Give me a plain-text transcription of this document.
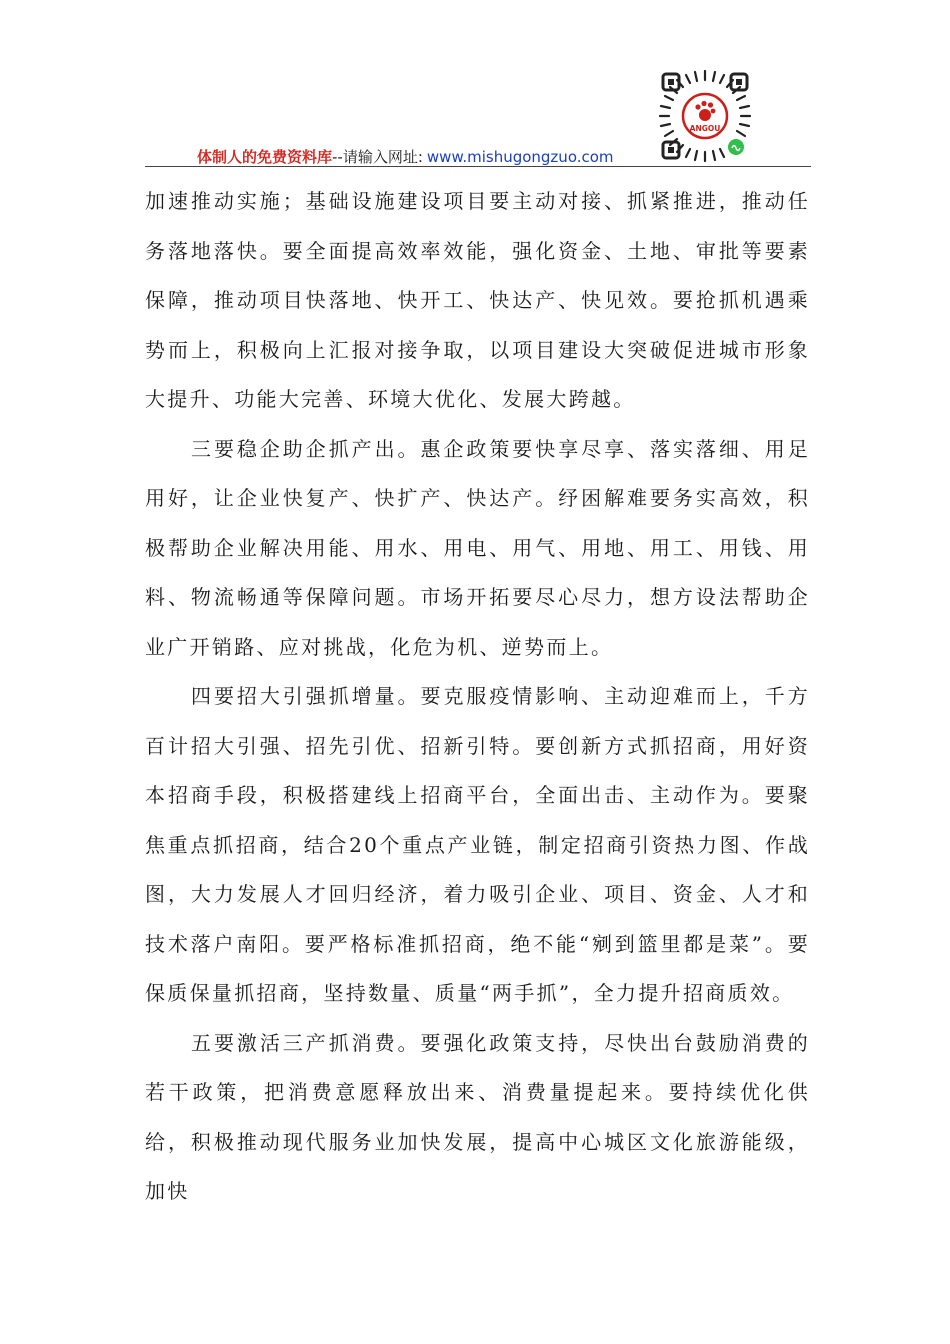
ANGOU
体制人的免费资料库--请输入网址: www.mishugongzuo.com

加速推动实施；基础设施建设项目要主动对接、抓紧推进，推动任务落地落快。要全面提高效率效能，强化资金、土地、审批等要素保障，推动项目快落地、快开工、快达产、快见效。要抢抓机遇乘势而上，积极向上汇报对接争取，以项目建设大突破促进城市形象大提升、功能大完善、环境大优化、发展大跨越。

三要稳企助企抓产出。惠企政策要快享尽享、落实落细、用足用好，让企业快复产、快扩产、快达产。纾困解难要务实高效，积极帮助企业解决用能、用水、用电、用气、用地、用工、用钱、用料、物流畅通等保障问题。市场开拓要尽心尽力，想方设法帮助企业广开销路、应对挑战，化危为机、逆势而上。

四要招大引强抓增量。要克服疫情影响、主动迎难而上，千方百计招大引强、招先引优、招新引特。要创新方式抓招商，用好资本招商手段，积极搭建线上招商平台，全面出击、主动作为。要聚焦重点抓招商，结合20个重点产业链，制定招商引资热力图、作战图，大力发展人才回归经济，着力吸引企业、项目、资金、人才和技术落户南阳。要严格标准抓招商，绝不能“剜到篮里都是菜”。要保质保量抓招商，坚持数量、质量“两手抓”，全力提升招商质效。

五要激活三产抓消费。要强化政策支持，尽快出台鼓励消费的若干政策，把消费意愿释放出来、消费量提起来。要持续优化供给，积极推动现代服务业加快发展，提高中心城区文化旅游能级，加快
